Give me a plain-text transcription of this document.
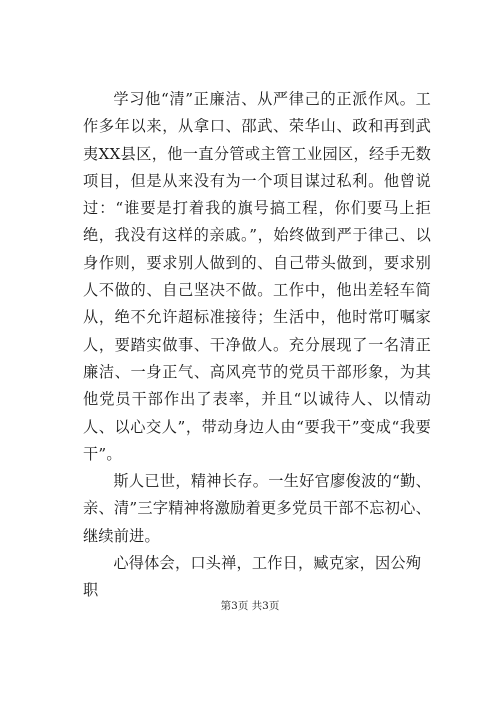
学习他“清”正廉洁、从严律己的正派作风。工作多年以来，从拿口、邵武、荣华山、政和再到武夷XX县区，他一直分管或主管工业园区，经手无数项目，但是从来没有为一个项目谋过私利。他曾说过：“谁要是打着我的旗号搞工程，你们要马上拒绝，我没有这样的亲戚。”，始终做到严于律己、以身作则，要求别人做到的、自己带头做到，要求别人不做的、自己坚决不做。工作中，他出差轻车简从，绝不允许超标准接待；生活中，他时常叮嘱家人，要踏实做事、干净做人。充分展现了一名清正廉洁、一身正气、高风亮节的党员干部形象，为其他党员干部作出了表率，并且“以诚待人、以情动人、以心交人”，带动身边人由“要我干”变成“我要干”。

斯人已世，精神长存。一生好官廖俊波的“勤、亲、清”三字精神将激励着更多党员干部不忘初心、继续前进。

心得体会，口头禅，工作日，臧克家，因公殉职

第3页 共3页
